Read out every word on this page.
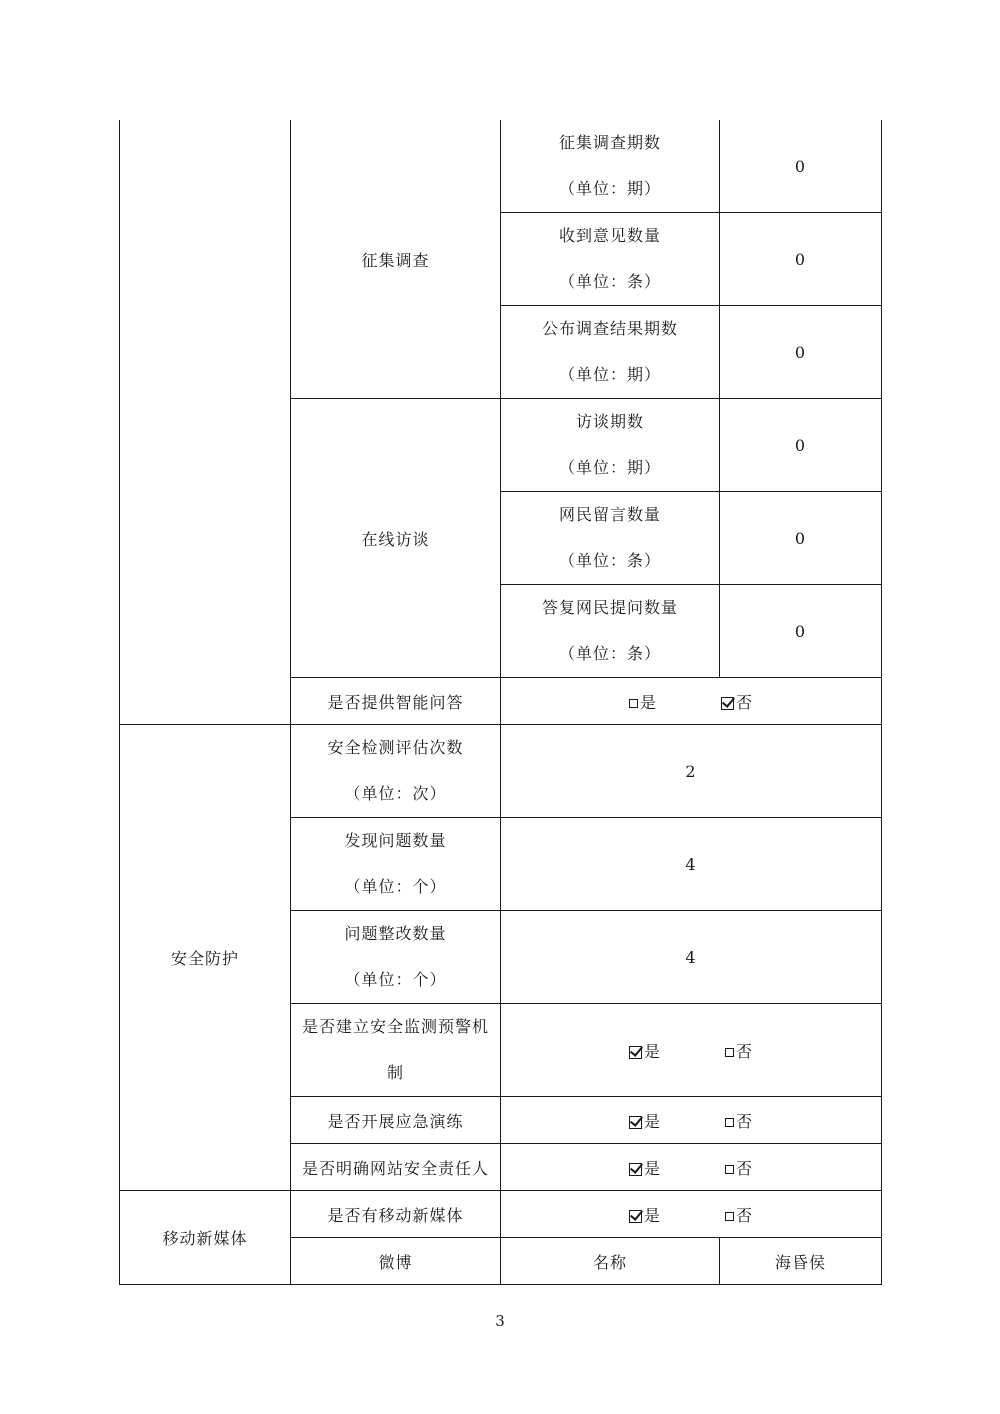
	征集调查	征集调查期数
（单位：期）	0

		收到意见数量
（单位：条）	0

		公布调查结果期数
（单位：期）	0
	在线访谈	访谈期数
（单位：期）	0

		网民留言数量
（单位：条）	0

		答复网民提问数量
（单位：条）	0
	是否提供智能问答	是 否	
安全防护	安全检测评估次数
（单位：次）	2	

	发现问题数量
（单位：个）	4	

	问题整改数量
（单位：个）	4	

	是否建立安全监测预警机
制	是 否	
	是否开展应急演练	是 否	
	是否明确网站安全责任人	是 否	
移动新媒体	是否有移动新媒体	是 否	
	微博	名称	海昏侯
3
